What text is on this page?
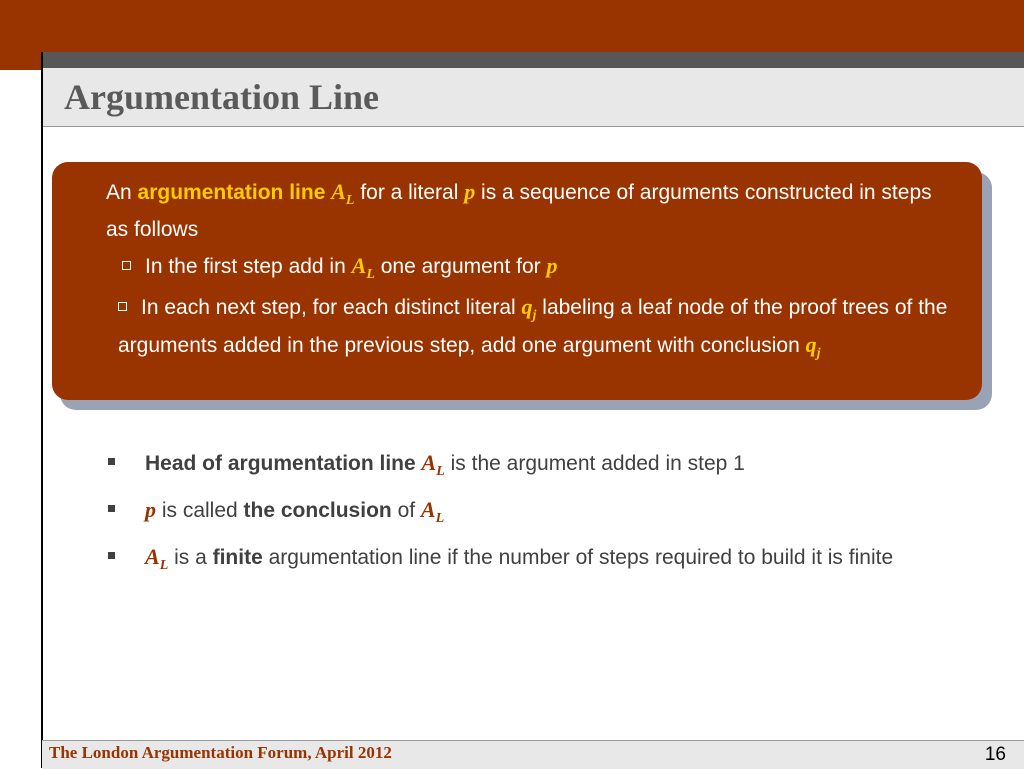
Argumentation Line
An argumentation line $A_L$ for a literal p is a sequence of arguments constructed in steps as follows
In the first step add in $A_L$ one argument for p
In each next step, for each distinct literal $q_j$ labeling a leaf node of the proof trees of the arguments added in the previous step, add one argument with conclusion $q_j$
Head of argumentation line $A_L$ is the argument added in step 1
p is called the conclusion of $A_L$
$A_L$ is a finite argumentation line if the number of steps required to build it is finite
The London Argumentation Forum, April 2012	16
